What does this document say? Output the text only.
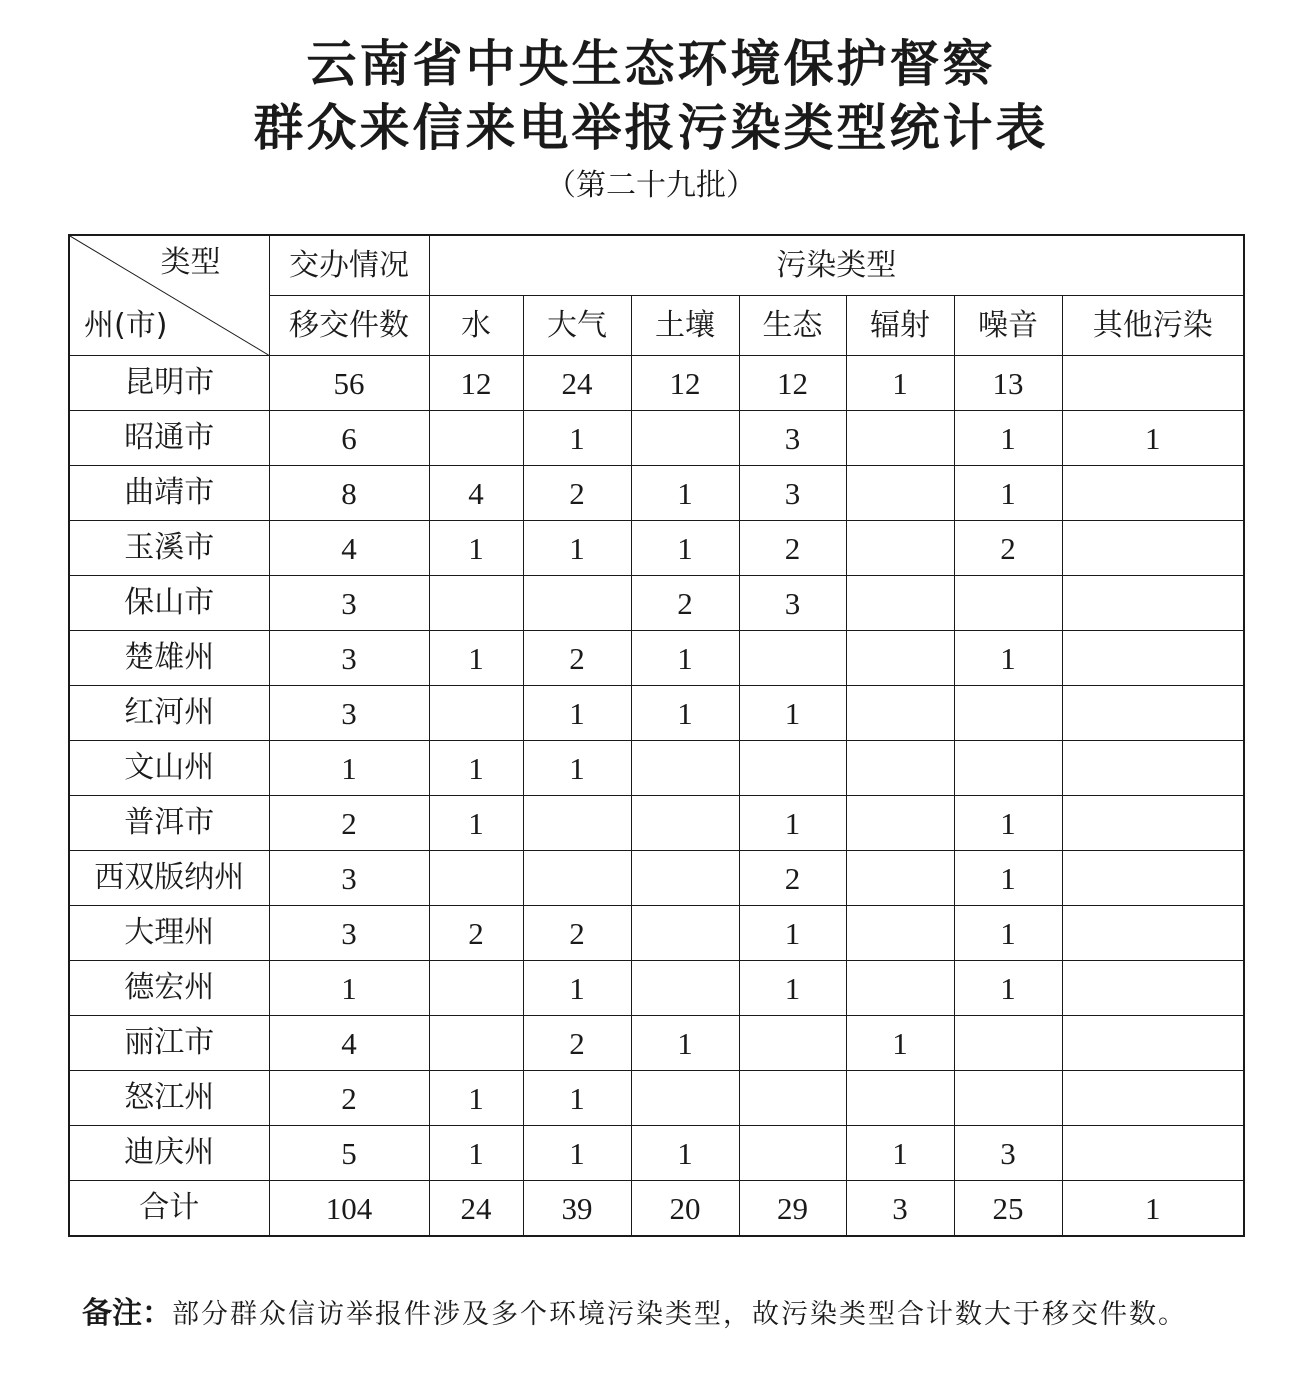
云南省中央生态环境保护督察
群众来信来电举报污染类型统计表
（第二十九批）
类型
州(市)	交办情况	污染类型						
	移交件数	水	大气	土壤	生态	辐射	噪音	其他污染
昆明市	56	12	24	12	12	1	13	
昭通市	6		1		3		1	1
曲靖市	8	4	2	1	3		1	
玉溪市	4	1	1	1	2		2	
保山市	3			2	3			
楚雄州	3	1	2	1			1	
红河州	3		1	1	1			
文山州	1	1	1					
普洱市	2	1			1		1	
西双版纳州	3				2		1	
大理州	3	2	2		1		1	
德宏州	1		1		1		1	
丽江市	4		2	1		1		
怒江州	2	1	1					
迪庆州	5	1	1	1		1	3	
合计	104	24	39	20	29	3	25	1
备注：部分群众信访举报件涉及多个环境污染类型，故污染类型合计数大于移交件数。
